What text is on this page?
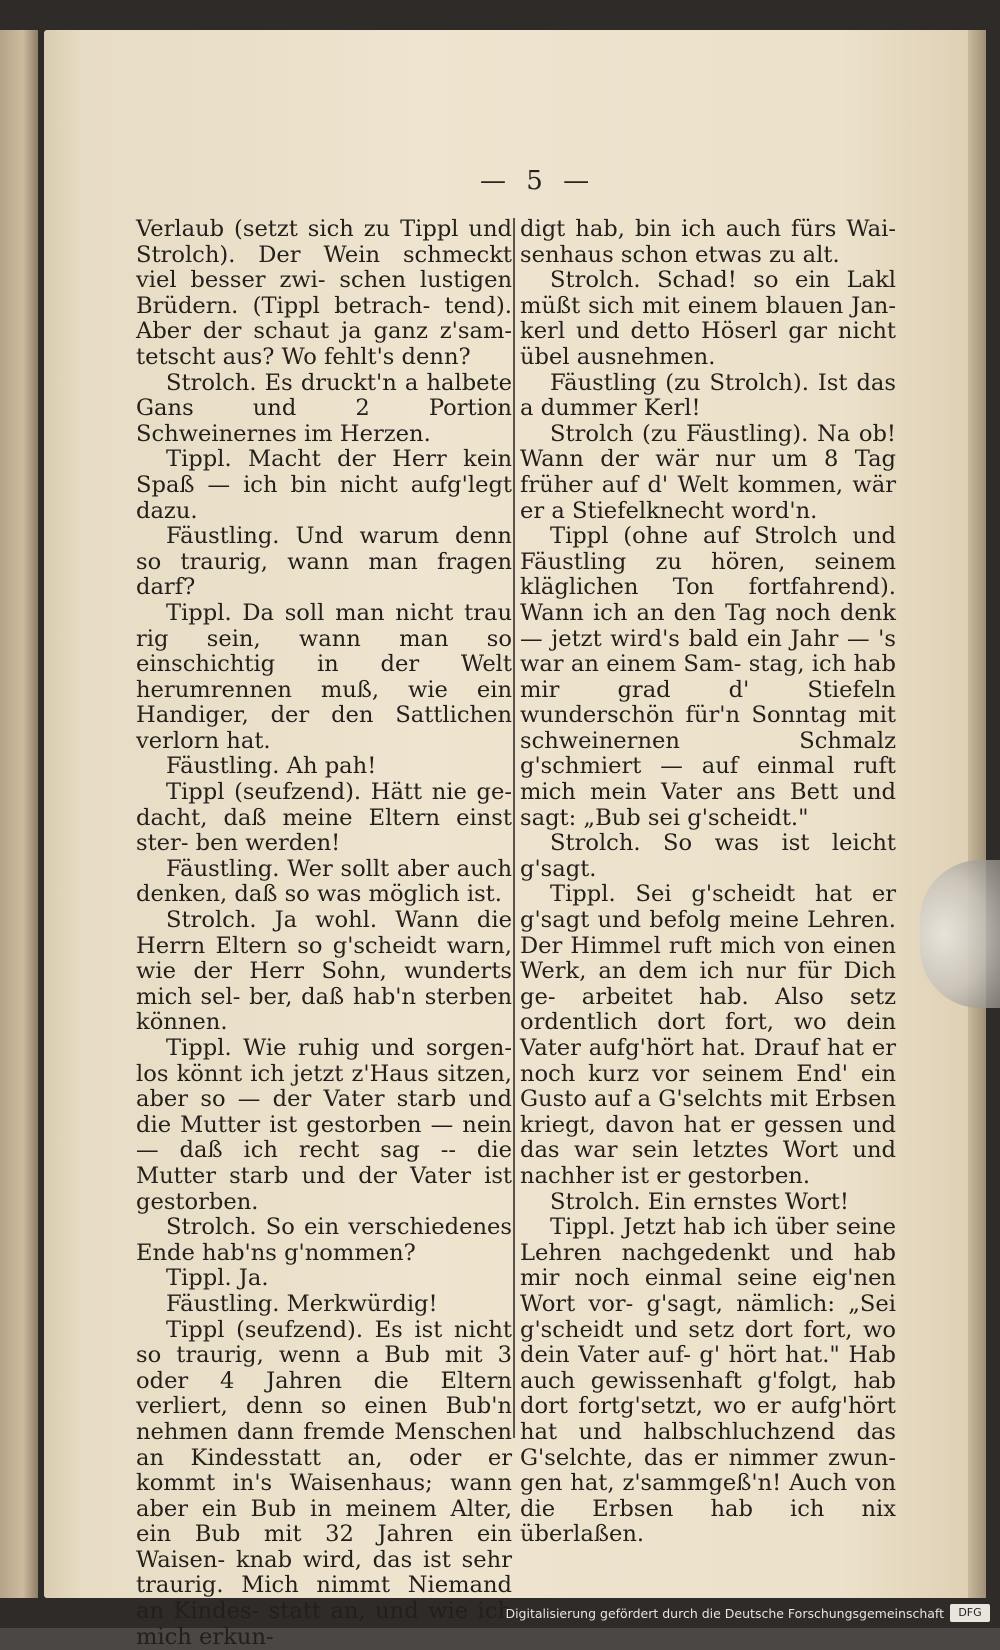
— 5 —

Verlaub (setzt sich zu Tippl und Strolch). Der Wein schmeckt viel besser zwi- schen lustigen Brüdern. (Tippl betrach- tend). Aber der schaut ja ganz z'sam- tetscht aus? Wo fehlt's denn?

Strolch. Es druckt'n a halbete Gans und 2 Portion Schweinernes im Herzen.

Tippl. Macht der Herr kein Spaß — ich bin nicht aufg'legt dazu.

Fäustling. Und warum denn so traurig, wann man fragen darf?

Tippl. Da soll man nicht trau rig sein, wann man so einschichtig in der Welt herumrennen muß, wie ein Handiger, der den Sattlichen verlorn hat.

Fäustling. Ah pah!

Tippl (seufzend). Hätt nie ge- dacht, daß meine Eltern einst ster- ben werden!

Fäustling. Wer sollt aber auch denken, daß so was möglich ist.

Strolch. Ja wohl. Wann die Herrn Eltern so g'scheidt warn, wie der Herr Sohn, wunderts mich sel- ber, daß hab'n sterben können.

Tippl. Wie ruhig und sorgen- los könnt ich jetzt z'Haus sitzen, aber so — der Vater starb und die Mutter ist gestorben — nein — daß ich recht sag -- die Mutter starb und der Vater ist gestorben.

Strolch. So ein verschiedenes Ende hab'ns g'nommen?

Tippl. Ja.

Fäustling. Merkwürdig!

Tippl (seufzend). Es ist nicht so traurig, wenn a Bub mit 3 oder 4 Jahren die Eltern verliert, denn so einen Bub'n nehmen dann fremde Menschen an Kindesstatt an, oder er kommt in's Waisenhaus; wann aber ein Bub in meinem Alter, ein Bub mit 32 Jahren ein Waisen- knab wird, das ist sehr traurig. Mich nimmt Niemand an Kindes- statt an, und wie ich mich erkun-

digt hab, bin ich auch fürs Wai- senhaus schon etwas zu alt.

Strolch. Schad! so ein Lakl müßt sich mit einem blauen Jan- kerl und detto Höserl gar nicht übel ausnehmen.

Fäustling (zu Strolch). Ist das a dummer Kerl!

Strolch (zu Fäustling). Na ob! Wann der wär nur um 8 Tag früher auf d' Welt kommen, wär er a Stiefelknecht word'n.

Tippl (ohne auf Strolch und Fäustling zu hören, seinem kläglichen Ton fortfahrend). Wann ich an den Tag noch denk — jetzt wird's bald ein Jahr — 's war an einem Sam- stag, ich hab mir grad d' Stiefeln wunderschön für'n Sonntag mit schweinernen Schmalz g'schmiert — auf einmal ruft mich mein Vater ans Bett und sagt: „Bub sei g'scheidt."

Strolch. So was ist leicht g'sagt.

Tippl. Sei g'scheidt hat er g'sagt und befolg meine Lehren. Der Himmel ruft mich von einen Werk, an dem ich nur für Dich ge- arbeitet hab. Also setz ordentlich dort fort, wo dein Vater aufg'hört hat. Drauf hat er noch kurz vor seinem End' ein Gusto auf a G'selchts mit Erbsen kriegt, davon hat er gessen und das war sein letztes Wort und nachher ist er gestorben.

Strolch. Ein ernstes Wort!

Tippl. Jetzt hab ich über seine Lehren nachgedenkt und hab mir noch einmal seine eig'nen Wort vor- g'sagt, nämlich: „Sei g'scheidt und setz dort fort, wo dein Vater auf- g' hört hat." Hab auch gewissenhaft g'folgt, hab dort fortg'setzt, wo er aufg'hört hat und halbschluchzend das G'selchte, das er nimmer zwun- gen hat, z'sammgeß'n! Auch von die Erbsen hab ich nix überlaßen.

Digitalisierung gefördert durch die Deutsche Forschungsgemeinschaft	DFG
